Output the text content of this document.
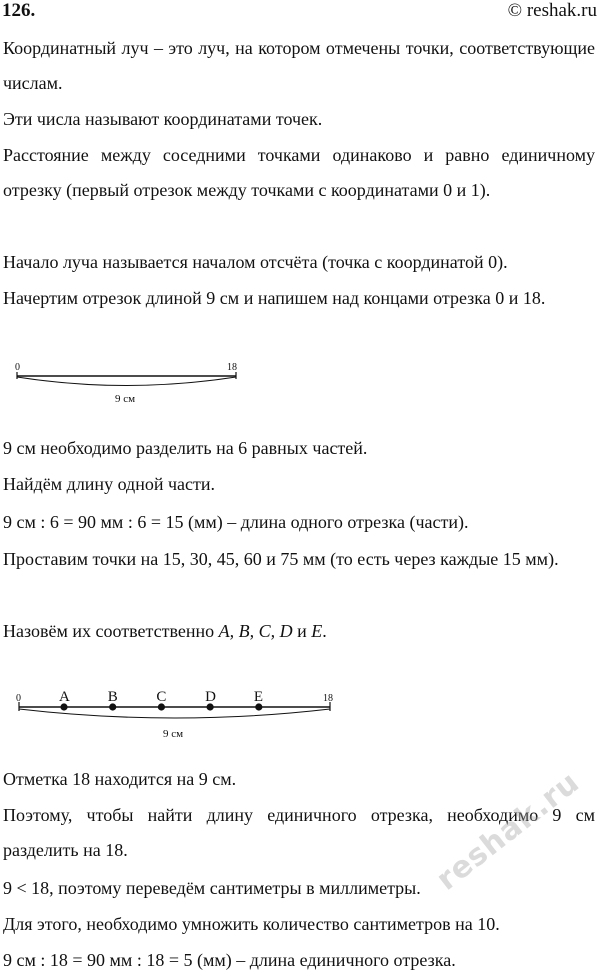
126.	© reshak.ru

Координатный луч – это луч, на котором отмечены точки, соответствующие числам.

Эти числа называют координатами точек.

Расстояние между соседними точками одинаково и равно единичному отрезку (первый отрезок между точками с координатами 0 и 1).

Начало луча называется началом отсчёта (точка с координатой 0).

Начертим отрезок длиной 9 см и напишем над концами отрезка 0 и 18.

0	18
9 см

9 см необходимо разделить на 6 равных частей.

Найдём длину одной части.

9 см : 6 = 90 мм : 6 = 15 (мм) – длина одного отрезка (части).

Проставим точки на 15, 30, 45, 60 и 75 мм (то есть через каждые 15 мм).

Назовём их соответственно A, B, C, D и E.

0	18
9 см
A	B	C	D	E

Отметка 18 находится на 9 см.

Поэтому, чтобы найти длину единичного отрезка, необходимо 9 см разделить на 18.

9 < 18, поэтому переведём сантиметры в миллиметры.

Для этого, необходимо умножить количество сантиметров на 10.

9 см : 18 = 90 мм : 18 = 5 (мм) – длина единичного отрезка.

reshak.ru
